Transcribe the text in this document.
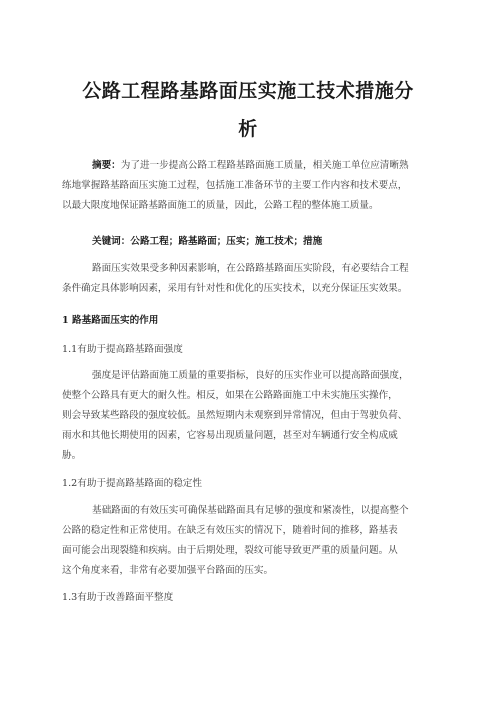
公路工程路基路面压实施工技术措施分
析
摘要：为了进一步提高公路工程路基路面施工质量，相关施工单位应清晰熟
练地掌握路基路面压实施工过程，包括施工准备环节的主要工作内容和技术要点，
以最大限度地保证路基路面施工的质量，因此，公路工程的整体施工质量。
关键词：公路工程；路基路面；压实；施工技术；措施
路面压实效果受多种因素影响，在公路路基路面压实阶段，有必要结合工程
条件确定具体影响因素，采用有针对性和优化的压实技术，以充分保证压实效果。
1 路基路面压实的作用
1.1有助于提高路基路面强度
强度是评估路面施工质量的重要指标，良好的压实作业可以提高路面强度，
使整个公路具有更大的耐久性。相反，如果在公路路面施工中未实施压实操作，
则会导致某些路段的强度较低。虽然短期内未观察到异常情况，但由于驾驶负荷、
雨水和其他长期使用的因素，它容易出现质量问题，甚至对车辆通行安全构成威
胁。
1.2有助于提高路基路面的稳定性
基础路面的有效压实可确保基础路面具有足够的强度和紧凑性，以提高整个
公路的稳定性和正常使用。在缺乏有效压实的情况下，随着时间的推移，路基表
面可能会出现裂缝和疾病。由于后期处理，裂纹可能导致更严重的质量问题。从
这个角度来看，非常有必要加强平台路面的压实。
1.3有助于改善路面平整度
